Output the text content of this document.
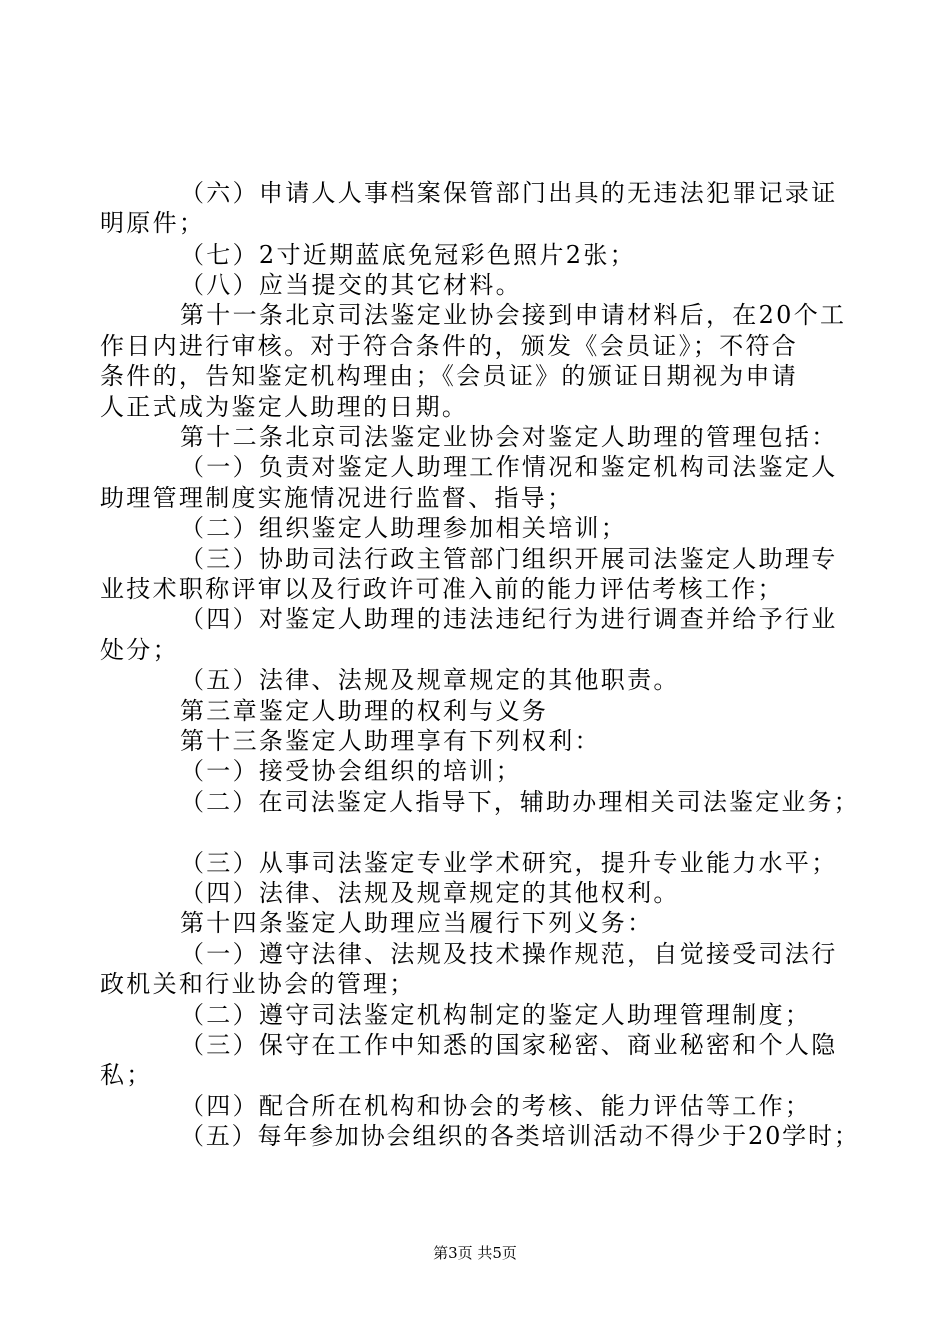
（六）申请人人事档案保管部门出具的无违法犯罪记录证
明原件；
（七）2寸近期蓝底免冠彩色照片2张；
（八）应当提交的其它材料。
第十一条北京司法鉴定业协会接到申请材料后，在20个工
作日内进行审核。对于符合条件的，颁发《会员证》；不符合
条件的，告知鉴定机构理由；《会员证》的颁证日期视为申请
人正式成为鉴定人助理的日期。
第十二条北京司法鉴定业协会对鉴定人助理的管理包括：
（一）负责对鉴定人助理工作情况和鉴定机构司法鉴定人
助理管理制度实施情况进行监督、指导；
（二）组织鉴定人助理参加相关培训；
（三）协助司法行政主管部门组织开展司法鉴定人助理专
业技术职称评审以及行政许可准入前的能力评估考核工作；
（四）对鉴定人助理的违法违纪行为进行调查并给予行业
处分；
（五）法律、法规及规章规定的其他职责。
第三章鉴定人助理的权利与义务
第十三条鉴定人助理享有下列权利：
（一）接受协会组织的培训；
（二）在司法鉴定人指导下，辅助办理相关司法鉴定业务；
（三）从事司法鉴定专业学术研究，提升专业能力水平；
（四）法律、法规及规章规定的其他权利。
第十四条鉴定人助理应当履行下列义务：
（一）遵守法律、法规及技术操作规范，自觉接受司法行
政机关和行业协会的管理；
（二）遵守司法鉴定机构制定的鉴定人助理管理制度；
（三）保守在工作中知悉的国家秘密、商业秘密和个人隐
私；
（四）配合所在机构和协会的考核、能力评估等工作；
（五）每年参加协会组织的各类培训活动不得少于20学时；
第3页 共5页
